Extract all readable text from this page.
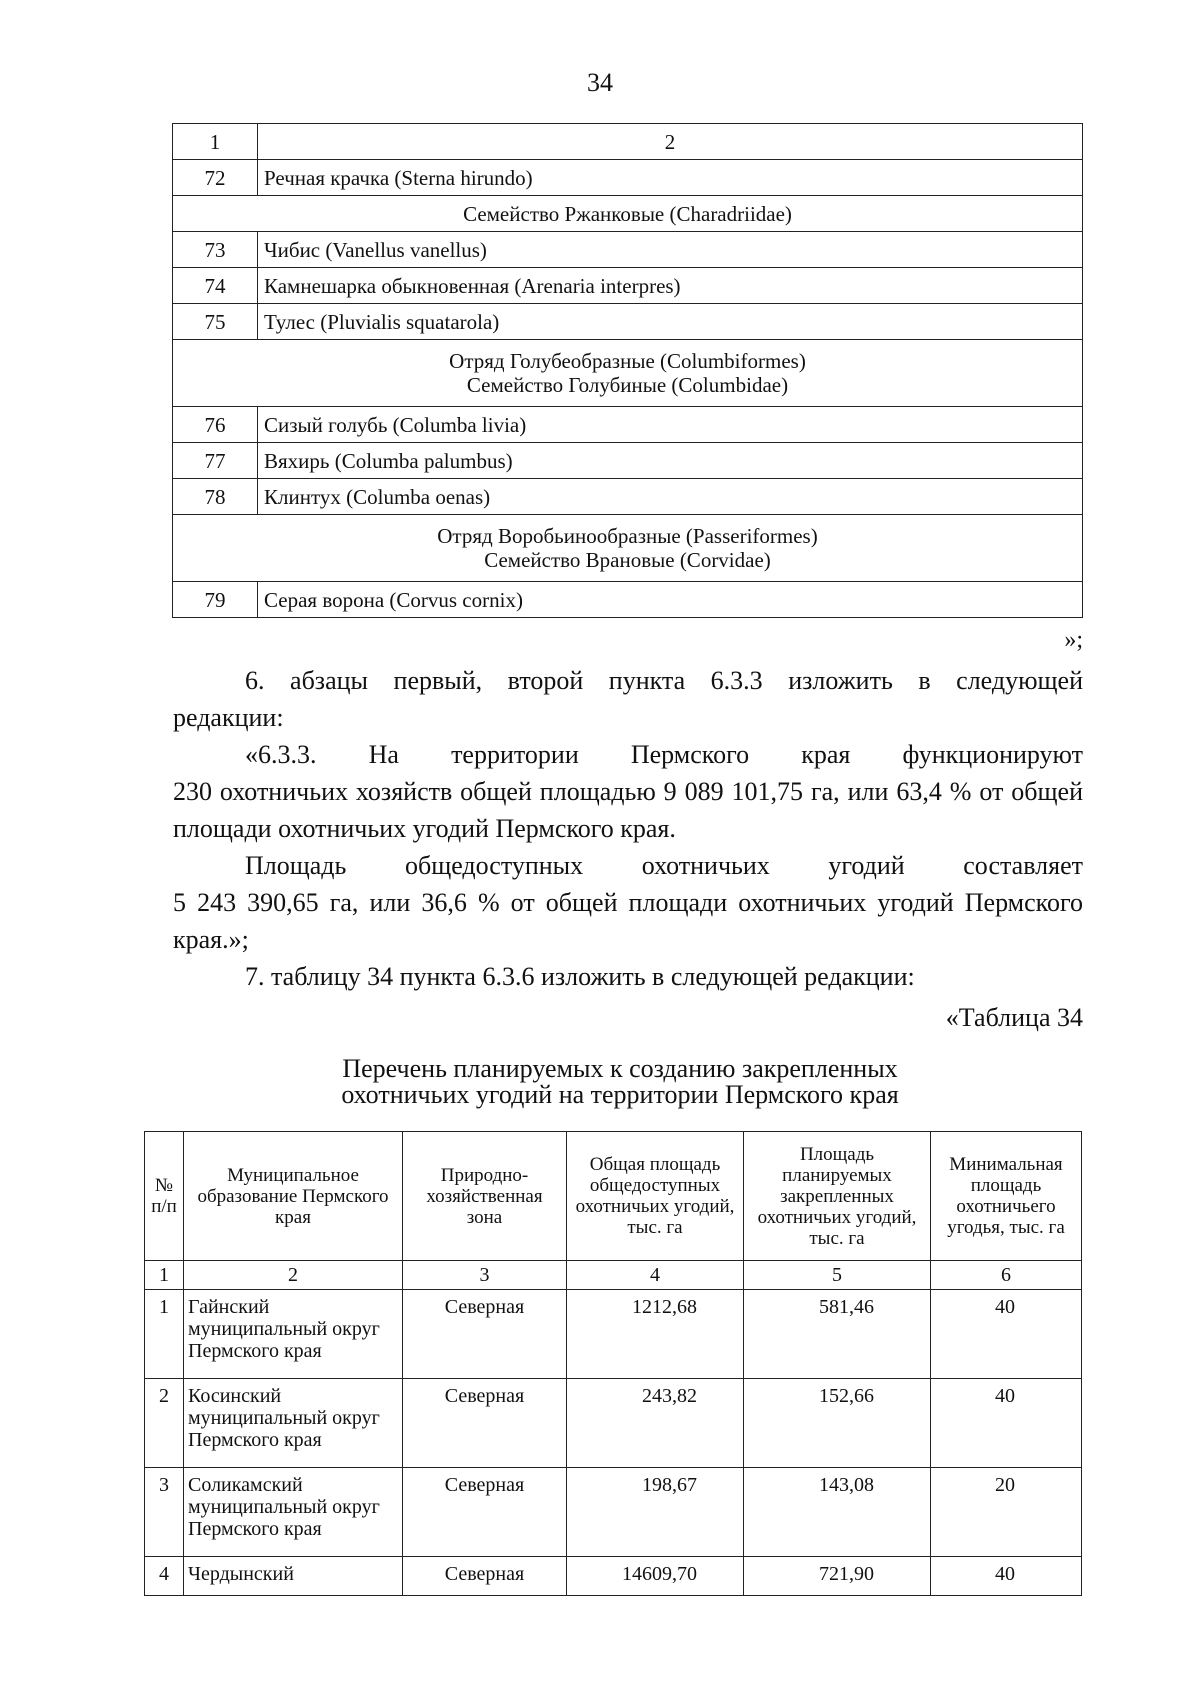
34
1	2
72	Речная крачка (Sterna hirundo)
Семейство Ржанковые (Charadriidae)	
73	Чибис (Vanellus vanellus)
74	Камнешарка обыкновенная (Arenaria interpres)
75	Тулес (Pluvialis squatarola)

Отряд Голубеобразные (Columbiformes)
Семейство Голубиные (Columbidae)	

76	Сизый голубь (Columba livia)
77	Вяхирь (Columba palumbus)
78	Клинтух (Columba oenas)

Отряд Воробьинообразные (Passeriformes)
Семейство Врановые (Corvidae)	

79	Серая ворона (Corvus cornix)
»;

6. абзацы первый, второй пункта 6.3.3 изложить в следующей

редакции:

«6.3.3. На территории Пермского края функционируют

230 охотничьих хозяйств общей площадью 9 089 101,75 га, или 63,4 % от общей площади охотничьих угодий Пермского края.

Площадь общедоступных охотничьих угодий составляет

5 243 390,65 га, или 36,6 % от общей площади охотничьих угодий Пермского края.»;

7. таблицу 34 пункта 6.3.6 изложить в следующей редакции:

«Таблица 34
Перечень планируемых к созданию закрепленных
охотничьих угодий на территории Пермского края
№ п/п	Муниципальное образование Пермского края	Природно-хозяйственная зона	Общая площадь общедоступных охотничьих угодий, тыс. га	Площадь планируемых закрепленных охотничьих угодий, тыс. га	Минимальная площадь охотничьего угодья, тыс. га
1	2	3	4	5	6
1	Гайнский муниципальный округ Пермского края	Северная	1212,68	581,46	40
2	Косинский муниципальный округ Пермского края	Северная	243,82	152,66	40
3	Соликамский муниципальный округ Пермского края	Северная	198,67	143,08	20
4	Чердынский	Северная	14609,70	721,90	40
